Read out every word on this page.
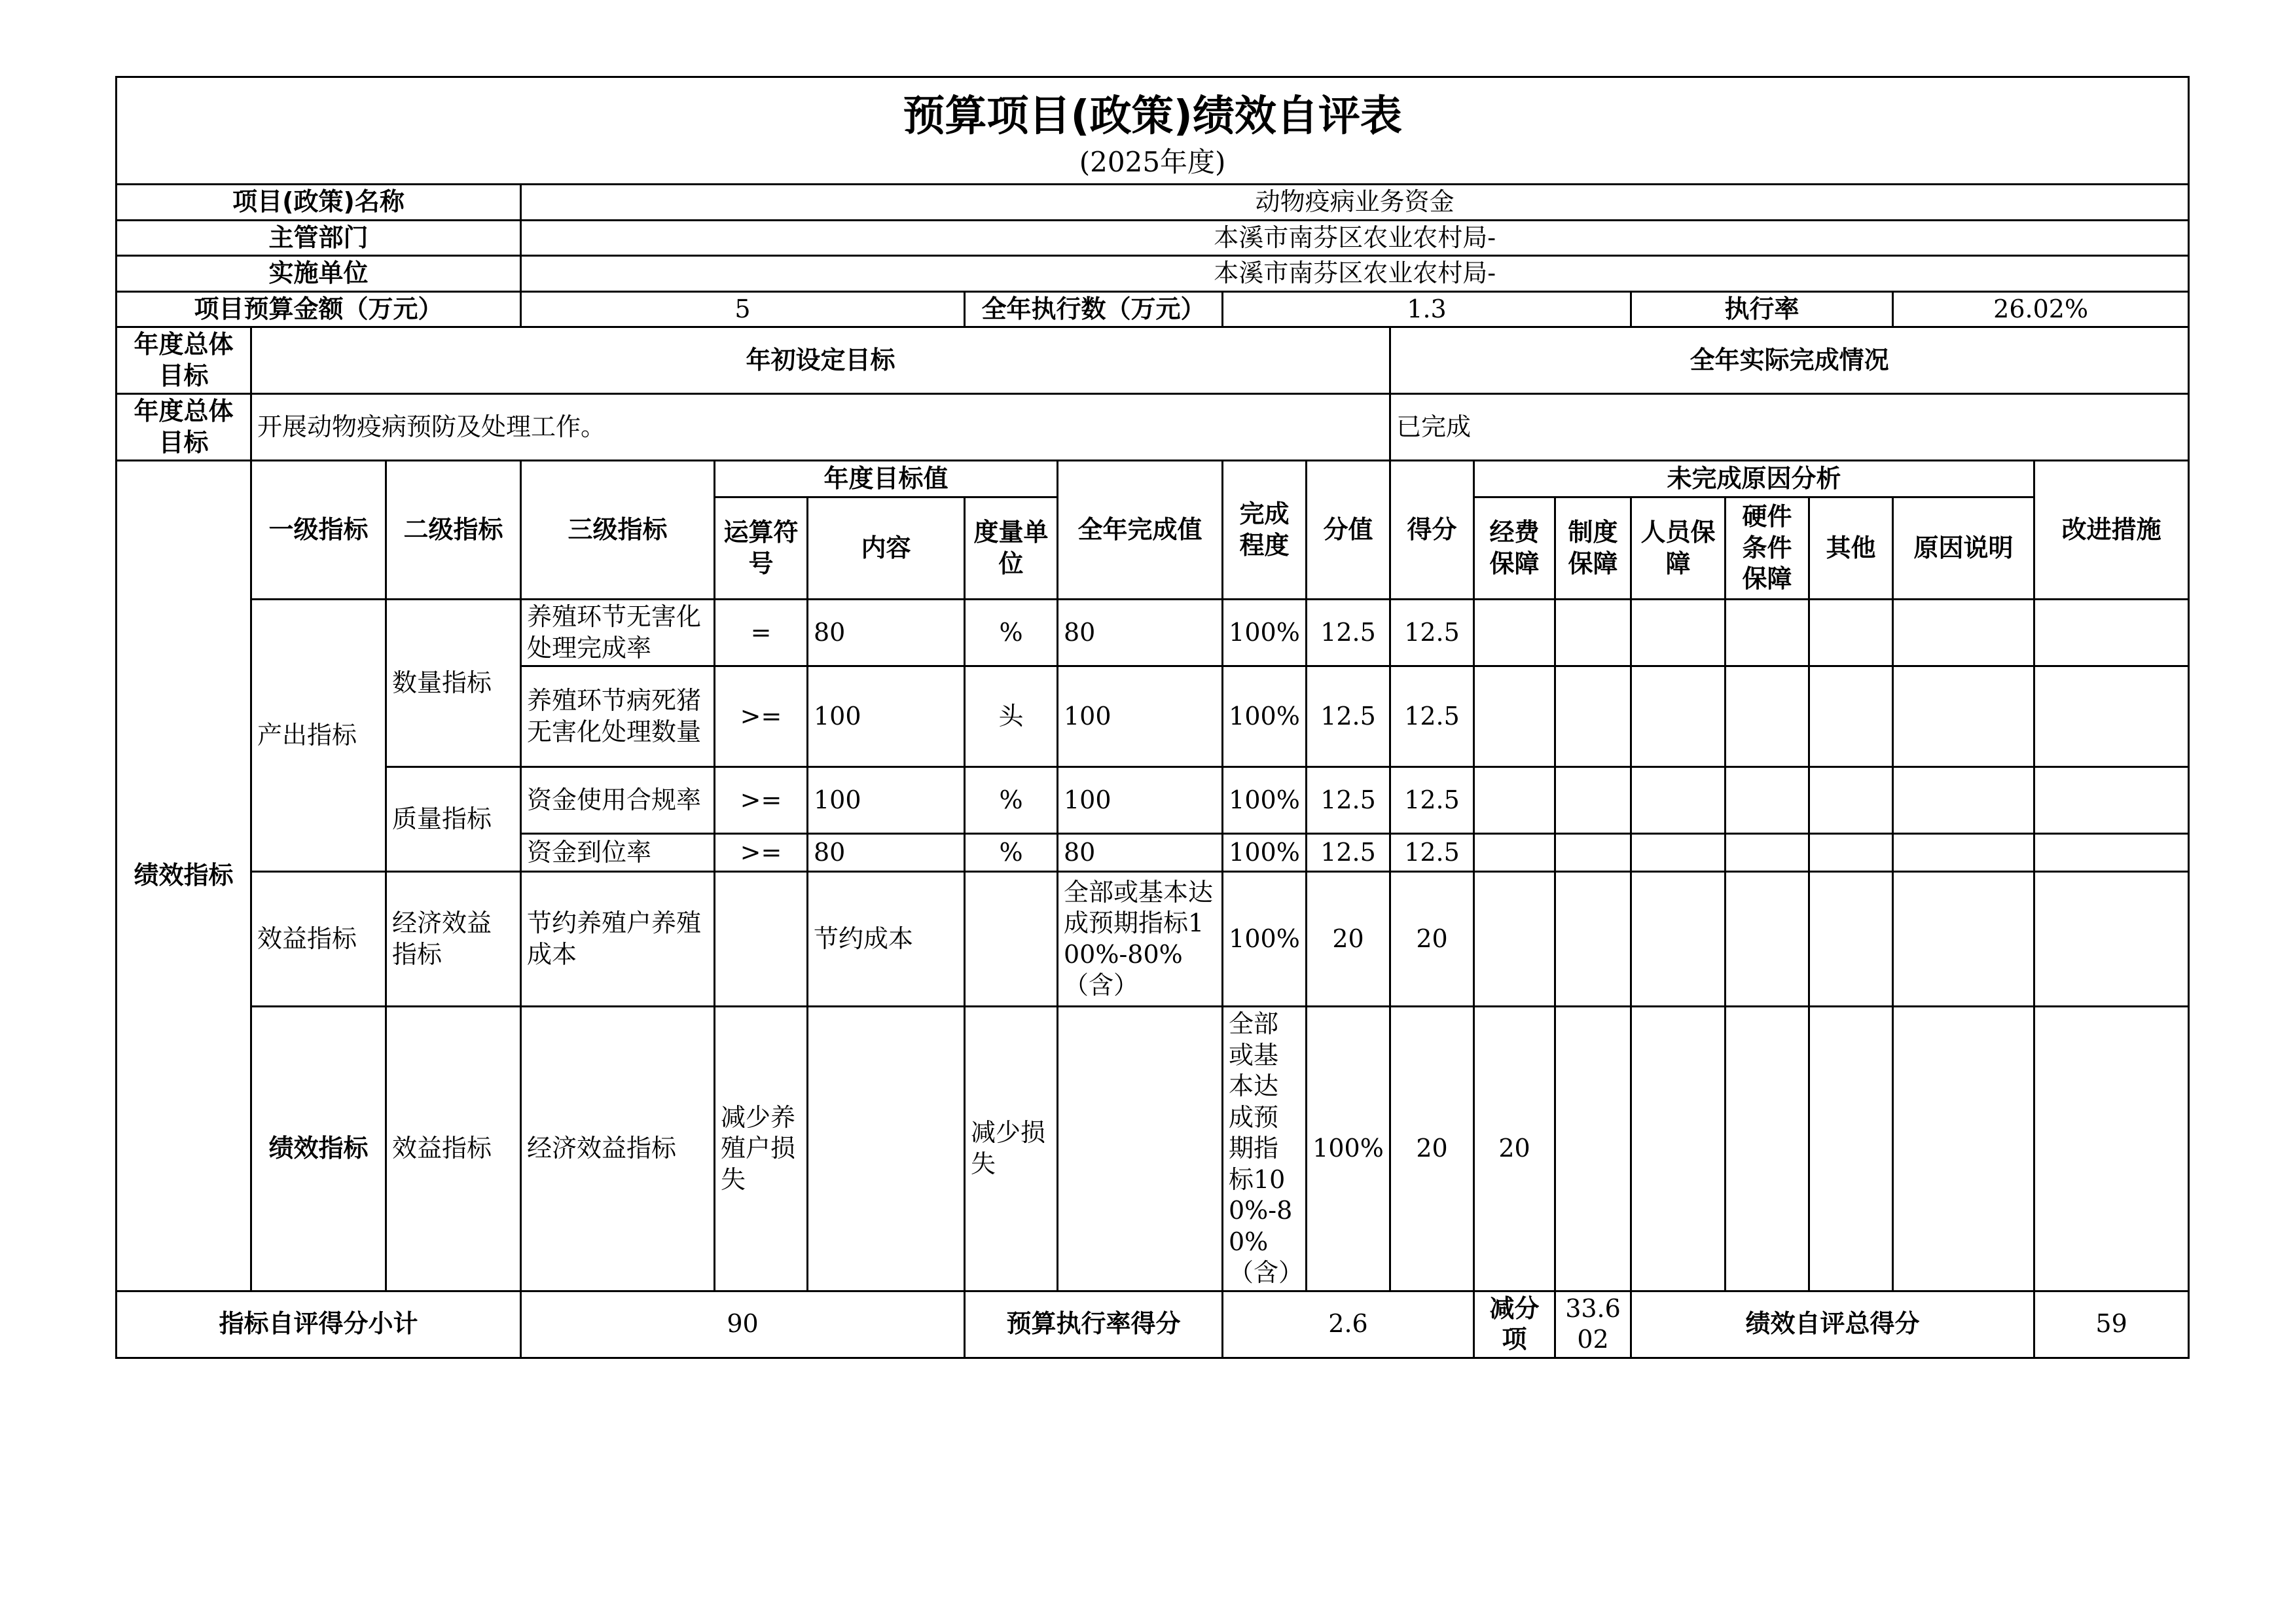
预算项目(政策)绩效自评表
(2025年度)																		

项目(政策)名称			动物疫病业务资金															
主管部门			本溪市南芬区农业农村局-															
实施单位			本溪市南芬区农业农村局-															
项目预算金额（万元）			5			全年执行数（万元）		1.3					执行率			26.02%		
年度总体目标	年初设定目标									全年实际完成情况								
年度总体目标	开展动物疫病预防及处理工作。									已完成								
绩效指标	一级指标	二级指标	三级指标	年度目标值			全年完成值	完成程度	分值	得分	未完成原因分析						改进措施	
				运算符号	内容	度量单位					经费保障	制度保障	人员保障	硬件条件保障	其他	原因说明		
	产出指标	数量指标	养殖环节无害化处理完成率	=	80	%	80	100%	12.5	12.5								
			养殖环节病死猪无害化处理数量	>=	100	头	100	100%	12.5	12.5								
		质量指标	资金使用合规率	>=	100	%	100	100%	12.5	12.5								
			资金到位率	>=	80	%	80	100%	12.5	12.5								
	效益指标	经济效益指标	节约养殖户养殖成本		节约成本		全部或基本达成预期指标100%-80%（含）	100%	20	20								
	绩效指标	效益指标	经济效益指标	减少养殖户损失		减少损失		全部或基本达成预期指标100%-80%（含）	100%	20	20							
指标自评得分小计			90			预算执行率得分		2.6			减分项	33.602	绩效自评总得分				59	
